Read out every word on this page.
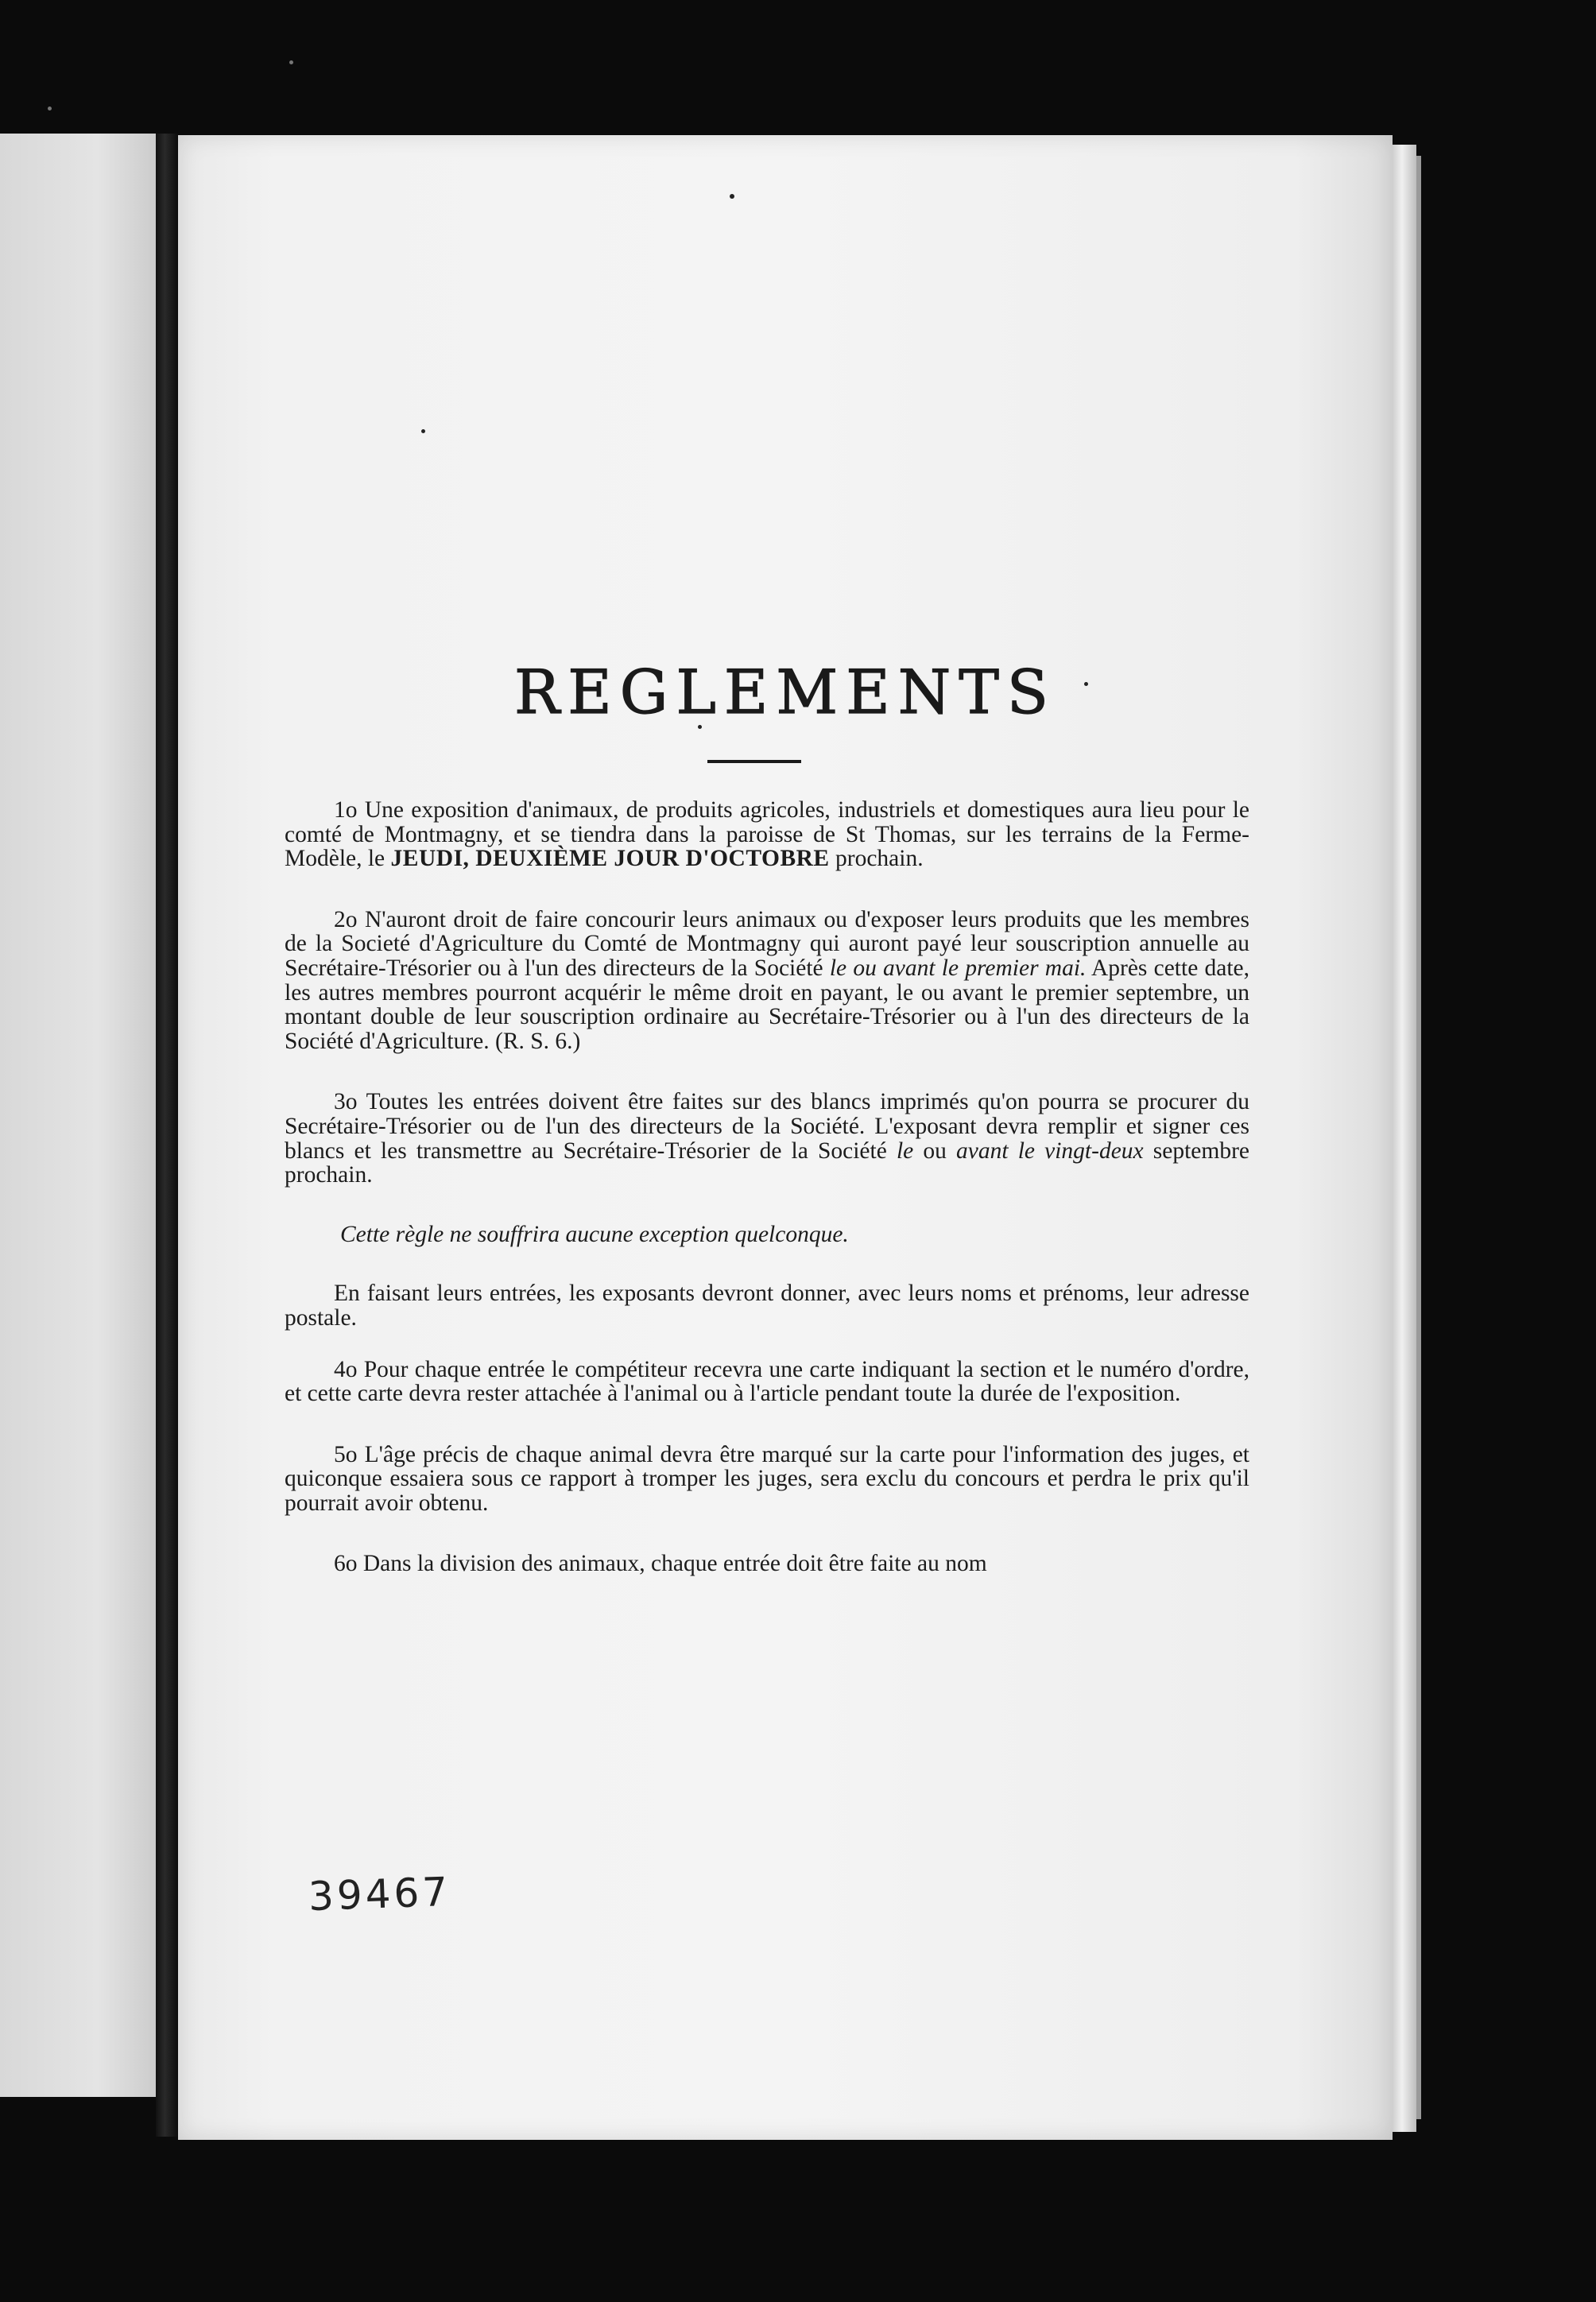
REGLEMENTS

1o Une exposition d'animaux, de produits agricoles, industriels et domestiques aura lieu pour le comté de Montmagny, et se tiendra dans la paroisse de St Thomas, sur les terrains de la Ferme-Modèle, le JEUDI, DEUXIÈME JOUR D'OCTOBRE prochain.

2o N'auront droit de faire concourir leurs animaux ou d'exposer leurs produits que les membres de la Societé d'Agriculture du Comté de Montmagny qui auront payé leur souscription annuelle au Secrétaire-Trésorier ou à l'un des directeurs de la Société le ou avant le premier mai. Après cette date, les autres membres pourront acquérir le même droit en payant, le ou avant le premier septembre, un montant double de leur souscription ordinaire au Secrétaire-Trésorier ou à l'un des directeurs de la Société d'Agriculture. (R. S. 6.)

3o Toutes les entrées doivent être faites sur des blancs imprimés qu'on pourra se procurer du Secrétaire-Trésorier ou de l'un des directeurs de la Société. L'exposant devra remplir et signer ces blancs et les transmettre au Secrétaire-Trésorier de la Société le ou avant le vingt-deux septembre prochain.

Cette règle ne souffrira aucune exception quelconque.

En faisant leurs entrées, les exposants devront donner, avec leurs noms et prénoms, leur adresse postale.

4o Pour chaque entrée le compétiteur recevra une carte indiquant la section et le numéro d'ordre, et cette carte devra rester attachée à l'animal ou à l'article pendant toute la durée de l'exposition.

5o L'âge précis de chaque animal devra être marqué sur la carte pour l'information des juges, et quiconque essaiera sous ce rapport à tromper les juges, sera exclu du concours et perdra le prix qu'il pourrait avoir obtenu.

6o Dans la division des animaux, chaque entrée doit être faite au nom

39467
